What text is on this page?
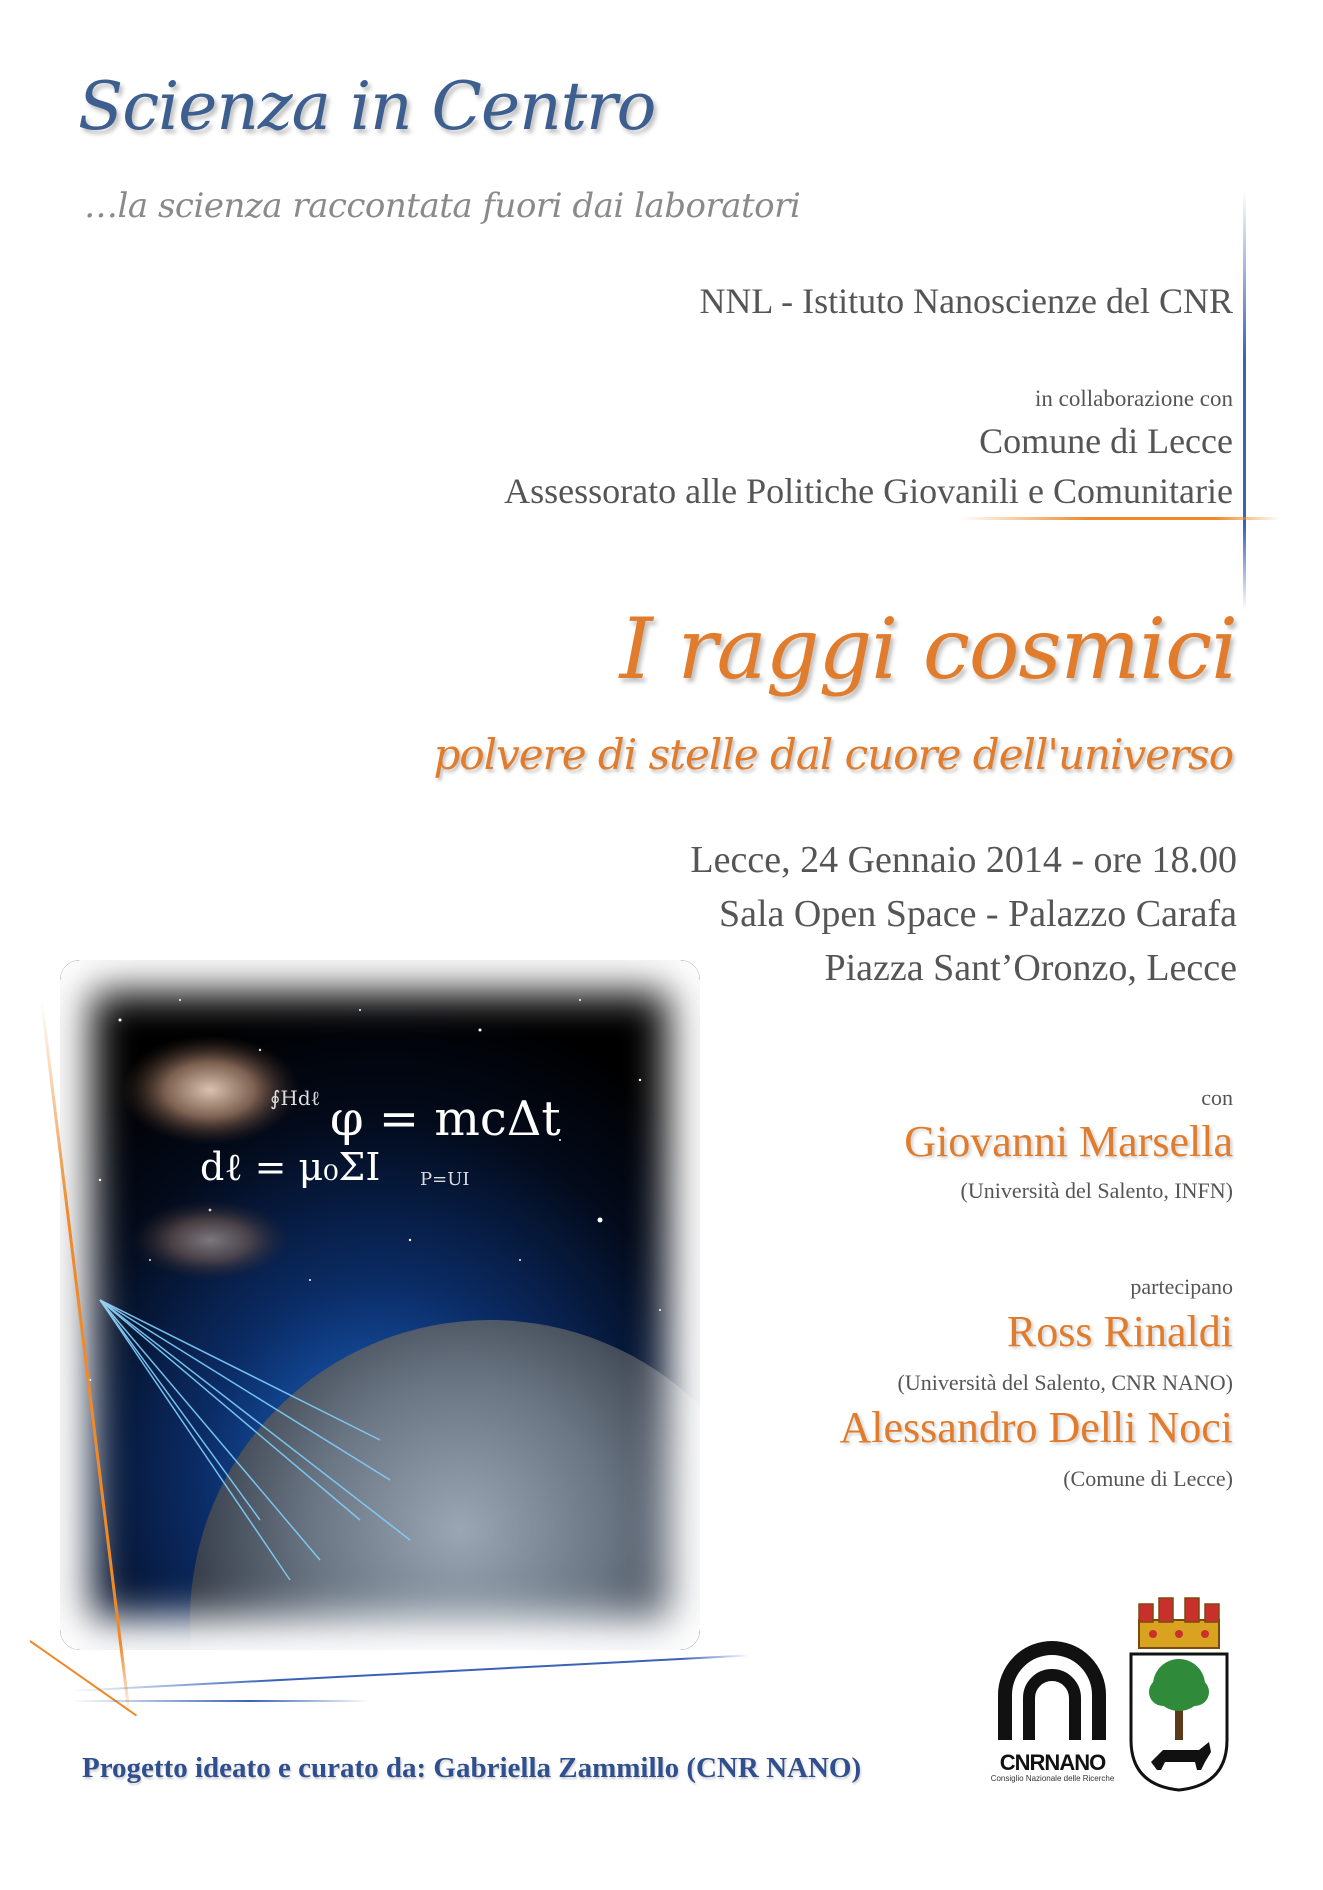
Scienza in Centro
…la scienza raccontata fuori dai laboratori
NNL - Istituto Nanoscienze del CNR
in collaborazione con
Comune di Lecce
Assessorato alle Politiche Giovanili e Comunitarie
I raggi cosmici
polvere di stelle dal cuore dell'universo
Lecce, 24 Gennaio 2014 - ore 18.00
Sala Open Space - Palazzo Carafa
Piazza Sant’Oronzo, Lecce
con
Giovanni Marsella
(Università del Salento, INFN)
partecipano
Ross Rinaldi
(Università del Salento, CNR NANO)
Alessandro Delli Noci
(Comune di Lecce)
φ = mcΔt
dℓ = μ₀ΣI
∮Hdℓ
P=UI
Progetto ideato e curato da: Gabriella Zammillo (CNR NANO)	CNRNANO
Consiglio Nazionale delle Ricerche
